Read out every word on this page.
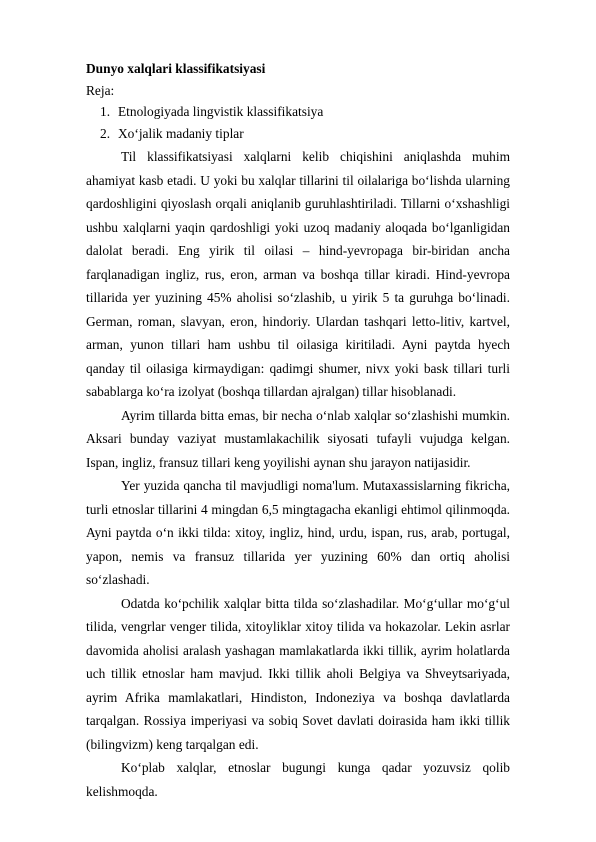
Dunyo xalqlari klassifikatsiyasi
Reja:
1. Etnologiyada lingvistik klassifikatsiya
2. Xo‘jalik madaniy tiplar

Til klassifikatsiyasi xalqlarni kelib chiqishini aniqlashda muhim ahamiyat kasb etadi. U yoki bu xalqlar tillarini til oilalariga bo‘lishda ularning qardoshligini qiyoslash orqali aniqlanib guruhlashtiriladi. Tillarni o‘xshashligi ushbu xalqlarni yaqin qardoshligi yoki uzoq madaniy aloqada bo‘lganligidan dalolat beradi. Eng yirik til oilasi – hind-yevropaga bir-biridan ancha farqlanadigan ingliz, rus, eron, arman va boshqa tillar kiradi. Hind-yevropa tillarida yer yuzining 45% aholisi so‘zlashib, u yirik 5 ta guruhga bo‘linadi. German, roman, slavyan, eron, hindoriy. Ulardan tashqari letto-litiv, kartvel, arman, yunon tillari ham ushbu til oilasiga kiritiladi. Ayni paytda hyech qanday til oilasiga kirmaydigan: qadimgi shumer, nivx yoki bask tillari turli sabablarga ko‘ra izolyat (boshqa tillardan ajralgan) tillar hisoblanadi.

Ayrim tillarda bitta emas, bir necha o‘nlab xalqlar so‘zlashishi mumkin. Aksari bunday vaziyat mustamlakachilik siyosati tufayli vujudga kelgan. Ispan, ingliz, fransuz tillari keng yoyilishi aynan shu jarayon natijasidir.

Yer yuzida qancha til mavjudligi noma'lum. Mutaxassislarning fikricha, turli etnoslar tillarini 4 mingdan 6,5 mingtagacha ekanligi ehtimol qilinmoqda. Ayni paytda o‘n ikki tilda: xitoy, ingliz, hind, urdu, ispan, rus, arab, portugal, yapon, nemis va fransuz tillarida yer yuzining 60% dan ortiq aholisi so‘zlashadi.

Odatda ko‘pchilik xalqlar bitta tilda so‘zlashadilar. Mo‘g‘ullar mo‘g‘ul tilida, vengrlar venger tilida, xitoyliklar xitoy tilida va hokazolar. Lekin asrlar davomida aholisi aralash yashagan mamlakatlarda ikki tillik, ayrim holatlarda uch tillik etnoslar ham mavjud. Ikki tillik aholi Belgiya va Shveytsariyada, ayrim Afrika mamlakatlari, Hindiston, Indoneziya va boshqa davlatlarda tarqalgan. Rossiya imperiyasi va sobiq Sovet davlati doirasida ham ikki tillik (bilingvizm) keng tarqalgan edi.

Ko‘plab xalqlar, etnoslar bugungi kunga qadar yozuvsiz qolib kelishmoqda.
